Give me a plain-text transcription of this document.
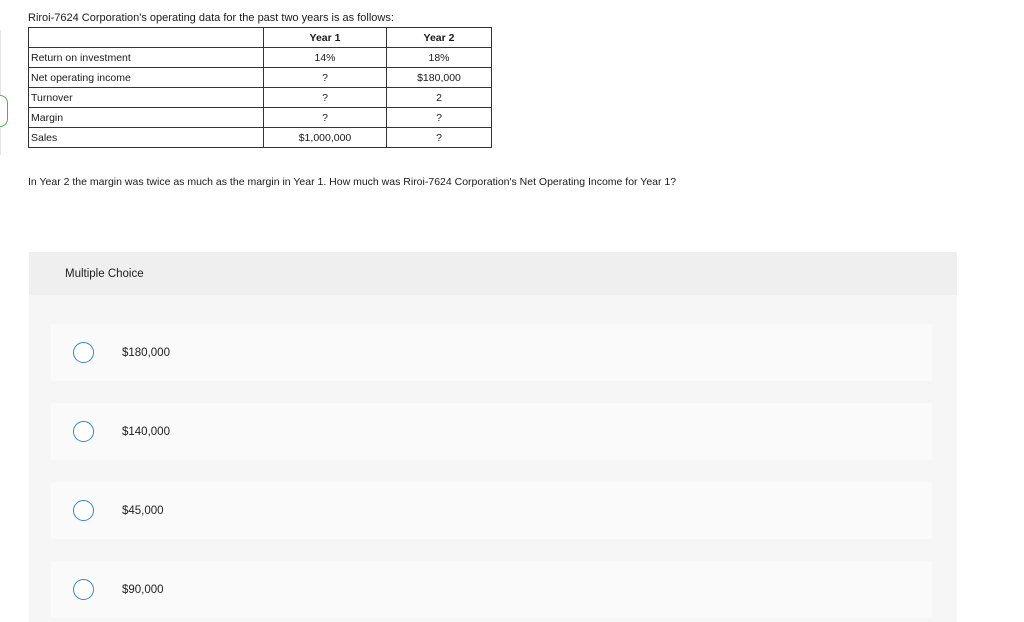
Riroi-7624 Corporation's operating data for the past two years is as follows:
	Year 1	Year 2
Return on investment	14%	18%
Net operating income	?	$180,000
Turnover	?	2
Margin	?	?
Sales	$1,000,000	?
In Year 2 the margin was twice as much as the margin in Year 1. How much was Riroi-7624 Corporation's Net Operating Income for Year 1?
Multiple Choice
$180,000
$140,000
$45,000
$90,000
